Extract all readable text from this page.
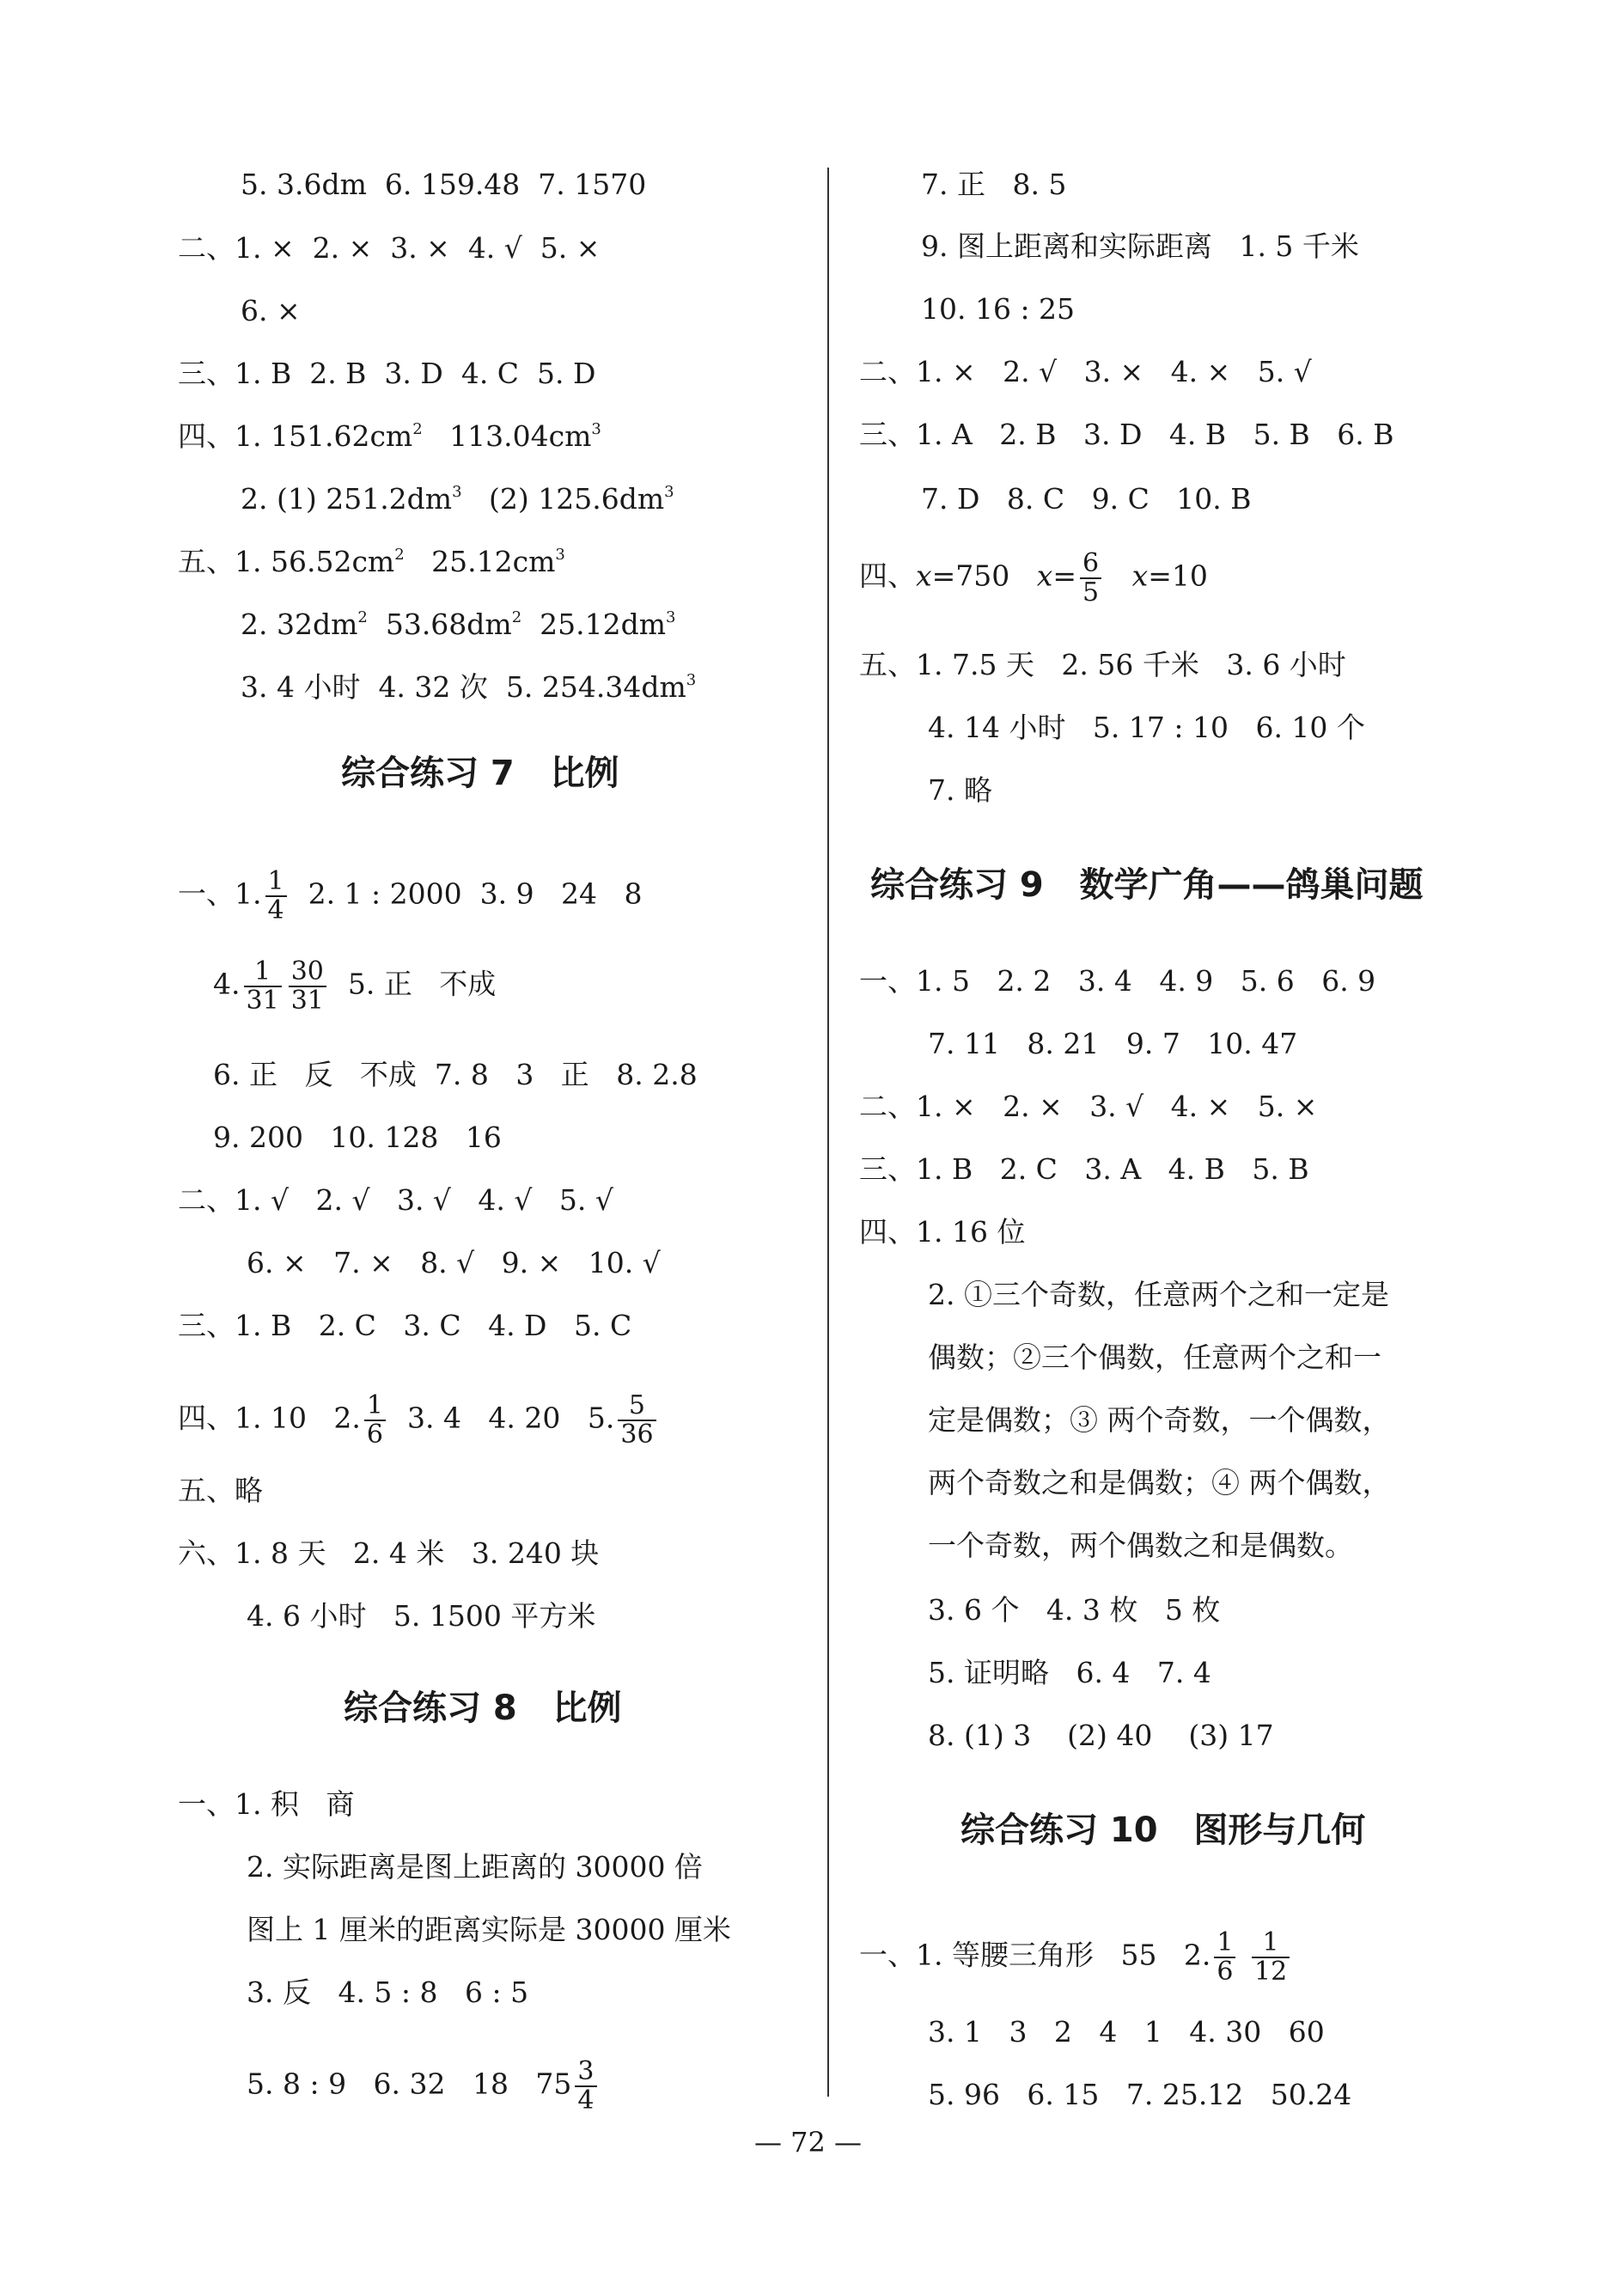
5. 3.6dm  6. 159.48  7. 1570
二、1. ×  2. ×  3. ×  4. √  5. ×
6. ×
三、1. B  2. B  3. D  4. C  5. D
四、1. $151.62cm^2$   $113.04cm^3$
2. (1) $251.2dm^3$   (2) $125.6dm^3$
五、1. $56.52cm^2$   $25.12cm^3$
2. $32dm^2$  $53.68dm^2$  $25.12dm^3$
3. 4 小时  4. 32 次  5. $254.34dm^3$
综合练习 7   比例
一、1. $\frac{1}{4} 2$. 1 : 2000  3. 9   24   8
4. $\frac{1}{31} \frac{30}{31} 5$. 正   不成
6. 正   反   不成  7. 8   3   正   8. 2.8
9. 200   10. 128   16
二、1. √   2. √   3. √   4. √   5. √
6. ×   7. ×   8. √   9. ×   10. √
三、1. B   2. C   3. C   4. D   5. C
四、1. 10   2. $\frac{1}{6} 3$. 4   4. 20   5. $\frac{5}{36}$
五、略
六、1. 8 天   2. 4 米   3. 240 块
4. 6 小时   5. 1500 平方米
综合练习 8   比例
一、1. 积   商
2. 实际距离是图上距离的 30000 倍
图上 1 厘米的距离实际是 30000 厘米
3. 反   4. 5 : 8   6 : 5
5. 8 : 9   6. 32   18   $75 \frac{3}{4}$
7. 正   8. 5
9. 图上距离和实际距离   1. 5 千米
10. 16 : 25
二、1. ×   2. √   3. ×   4. ×   5. √
三、1. A   2. B   3. D   4. B   5. B   6. B
7. D   8. C   9. C   10. B
四、x=750   $x= \frac{6}{5} x=10$
五、1. 7.5 天   2. 56 千米   3. 6 小时
4. 14 小时   5. 17 : 10   6. 10 个
7. 略
综合练习 9   数学广角——鸽巢问题
一、1. 5   2. 2   3. 4   4. 9   5. 6   6. 9
7. 11   8. 21   9. 7   10. 47
二、1. ×   2. ×   3. √   4. ×   5. ×
三、1. B   2. C   3. A   4. B   5. B
四、1. 16 位
2. ①三个奇数，任意两个之和一定是
偶数；②三个偶数，任意两个之和一
定是偶数；③ 两个奇数，一个偶数，
两个奇数之和是偶数；④ 两个偶数，
一个奇数，两个偶数之和是偶数。
3. 6 个   4. 3 枚   5 枚
5. 证明略   6. 4   7. 4
8. (1) 3    (2) 40    (3) 17
综合练习 10   图形与几何
一、1. 等腰三角形   55   2. $\frac{1}{6}$
$\frac{1}{12}$
3. 1   3   2   4   1   4. 30   60
5. 96   6. 15   7. 25.12   50.24
— 72 —
